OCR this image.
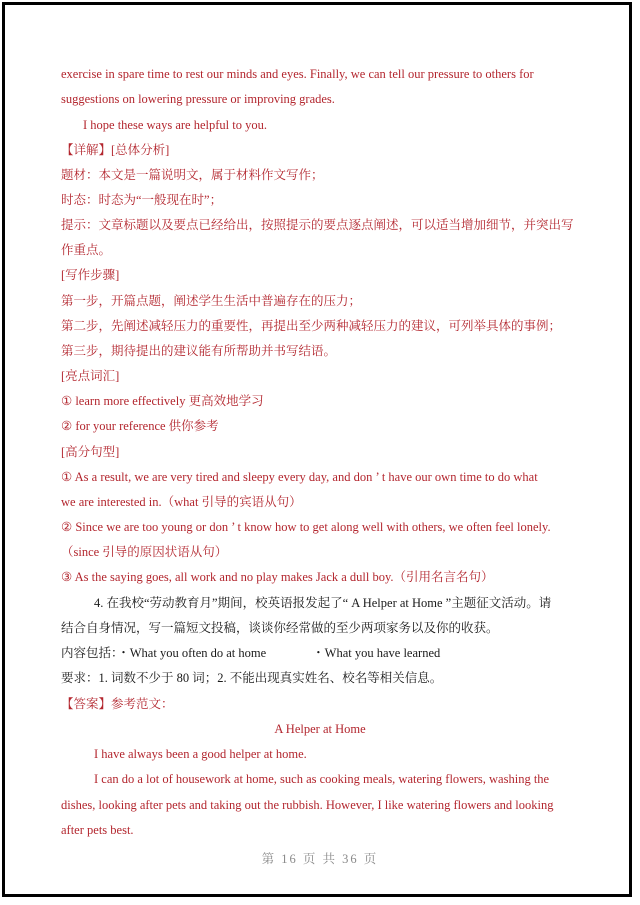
exercise in spare time to rest our minds and eyes. Finally, we can tell our pressure to others for
suggestions on lowering pressure or improving grades.
I hope these ways are helpful to you.
【详解】[总体分析]
题材：本文是一篇说明文，属于材料作文写作；
时态：时态为“一般现在时”；
提示：文章标题以及要点已经给出，按照提示的要点逐点阐述，可以适当增加细节，并突出写
作重点。
[写作步骤]
第一步，开篇点题，阐述学生生活中普遍存在的压力；
第二步，先阐述减轻压力的重要性，再提出至少两种减轻压力的建议，可列举具体的事例；
第三步，期待提出的建议能有所帮助并书写结语。
[亮点词汇]
① learn more effectively 更高效地学习
② for your reference 供你参考
[高分句型]
① As a result, we are very tired and sleepy every day, and don ’ t have our own time to do what
we are interested in.（what 引导的宾语从句）
② Since we are too young or don ’ t know how to get along well with others, we often feel lonely.
（since 引导的原因状语从句）
③ As the saying goes, all work and no play makes Jack a dull boy.（引用名言名句）
4. 在我校“劳动教育月”期间，校英语报发起了“ A Helper at Home ”主题征文活动。请
结合自身情况，写一篇短文投稿，谈谈你经常做的至少两项家务以及你的收获。
内容包括：・What you often do at home	・What you have learned
要求：1. 词数不少于 80 词；2. 不能出现真实姓名、校名等相关信息。
【答案】参考范文：
A Helper at Home
I have always been a good helper at home.
I can do a lot of housework at home, such as cooking meals, watering flowers, washing the
dishes, looking after pets and taking out the rubbish. However, I like watering flowers and looking
after pets best.
第 16 页 共 36 页
